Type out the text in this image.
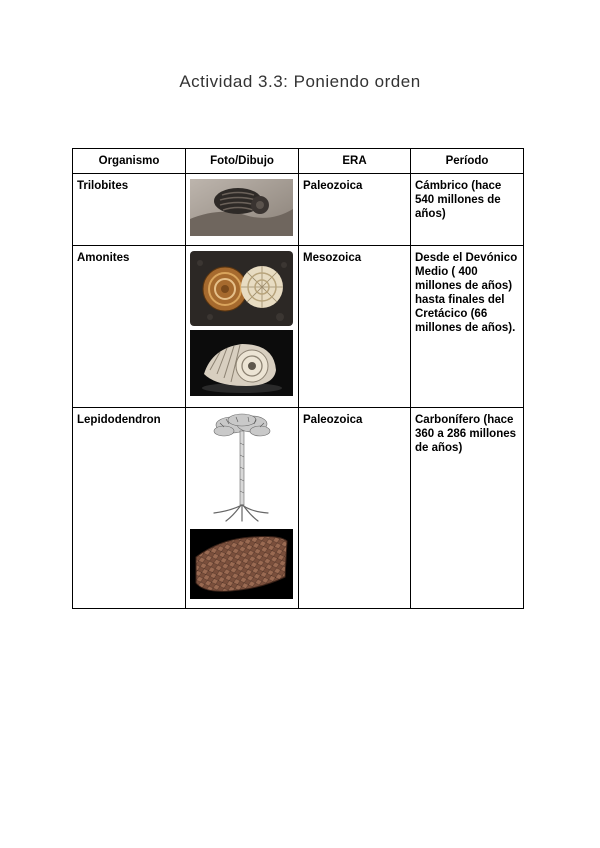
Actividad 3.3: Poniendo orden
Organismo	Foto/Dibujo	ERA	Período
Trilobites		Paleozoica	Cámbrico (hace 540 millones de años)
Amonites		Mesozoica	Desde el Devónico Medio ( 400 millones de años) hasta finales del Cretácico (66 millones de años).
Lepidodendron		Paleozoica	Carbonífero (hace 360 a 286 millones de años)
